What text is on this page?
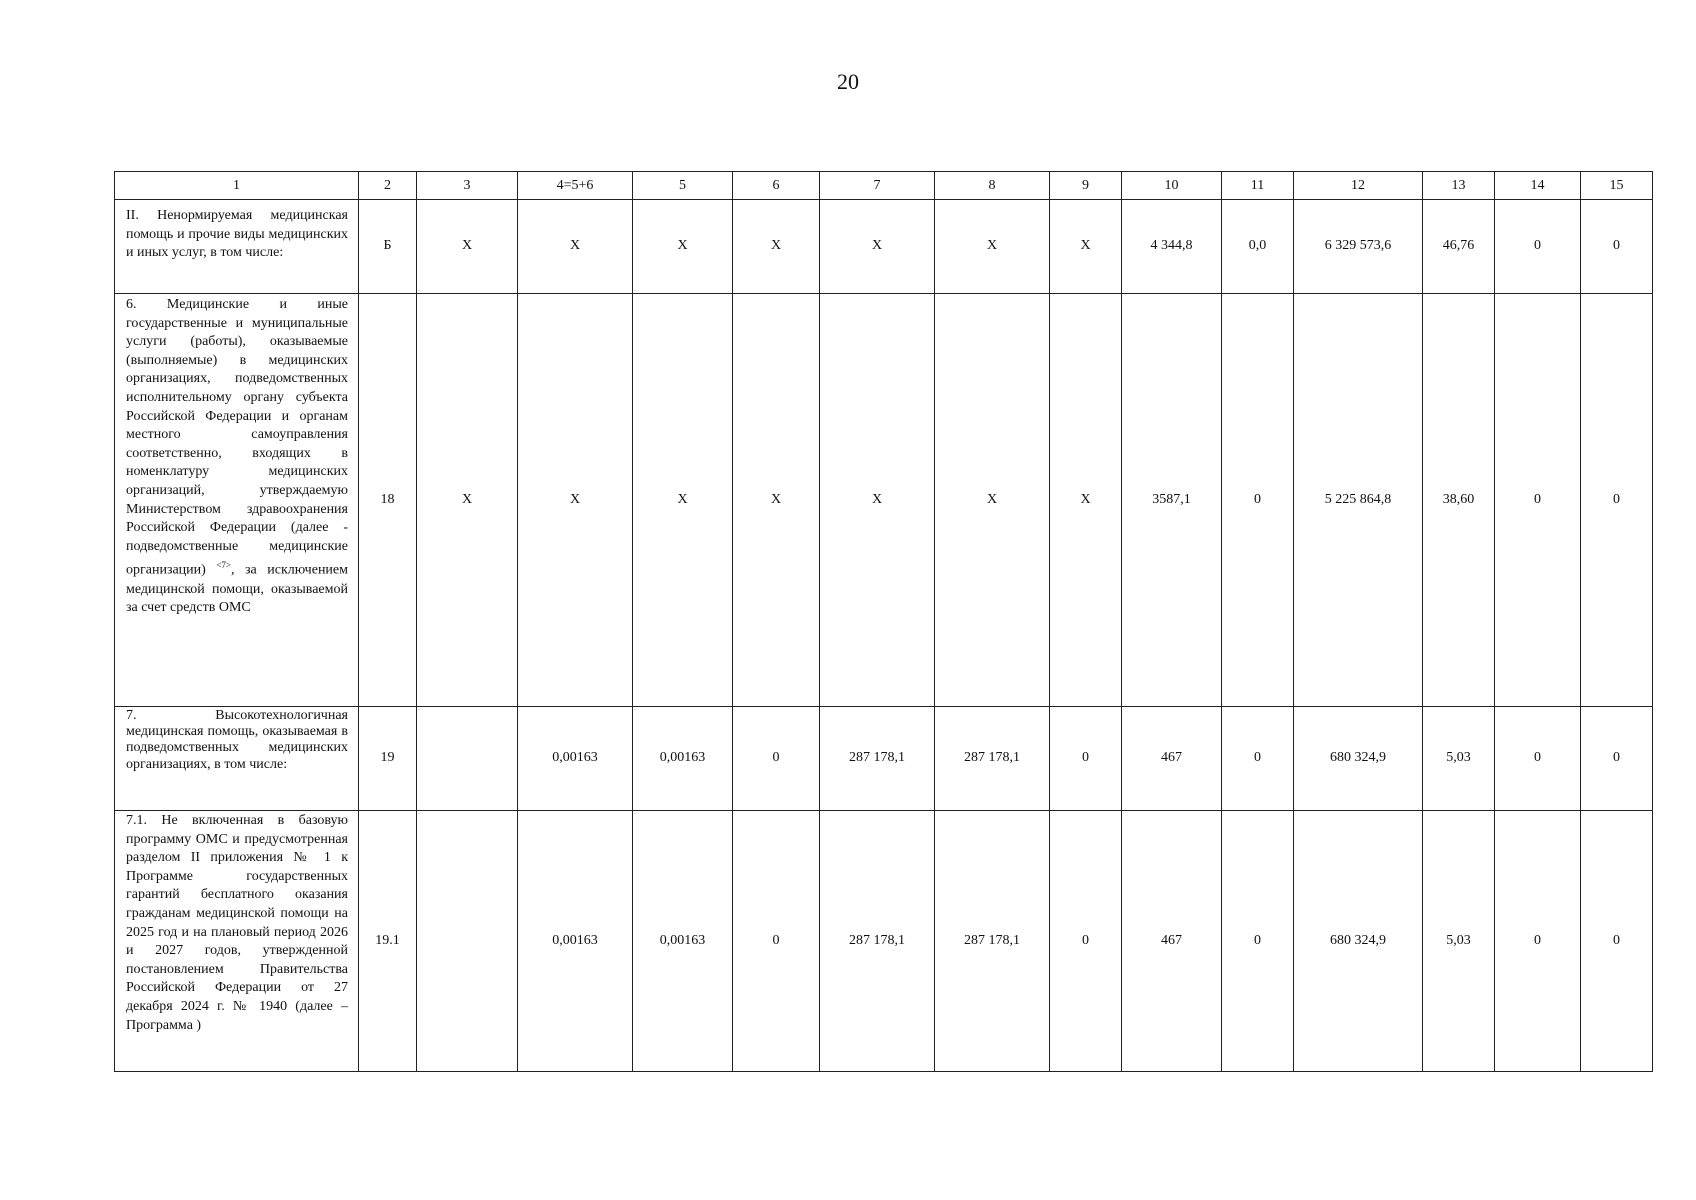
20
1	2	3	4=5+6	5	6	7	8	9	10	11	12	13	14	15
II. Ненормируемая медицинская помощь и прочие виды медицинских и иных услуг, в том числе:	Б	Х	Х	Х	Х	Х	Х	Х	4 344,8	0,0	6 329 573,6	46,76	0	0
6. Медицинские и иные государственные и муниципальные услуги (работы), оказываемые (выполняемые) в медицинских организациях, подведомственных исполнительному органу субъекта Российской Федерации и органам местного самоуправления соответственно, входящих в номенклатуру медицинских организаций, утверждаемую Министерством здравоохранения Российской Федерации (далее - подведомственные медицинские организации) $^{<7>}$, за исключением медицинской помощи, оказываемой за счет средств ОМС	18	Х	Х	Х	Х	Х	Х	Х	3587,1	0	5 225 864,8	38,60	0	0
7. Высокотехнологичная медицинская помощь, оказываемая в подведомственных медицинских организациях, в том числе:	19		0,00163	0,00163	0	287 178,1	287 178,1	0	467	0	680 324,9	5,03	0	0
7.1. Не включенная в базовую программу ОМС и предусмотренная разделом II приложения № 1 к Программе государственных гарантий бесплатного оказания гражданам медицинской помощи на 2025 год и на плановый период 2026 и 2027 годов, утвержденной постановлением Правительства Российской Федерации от 27 декабря 2024 г. № 1940 (далее – Программа )	19.1		0,00163	0,00163	0	287 178,1	287 178,1	0	467	0	680 324,9	5,03	0	0
